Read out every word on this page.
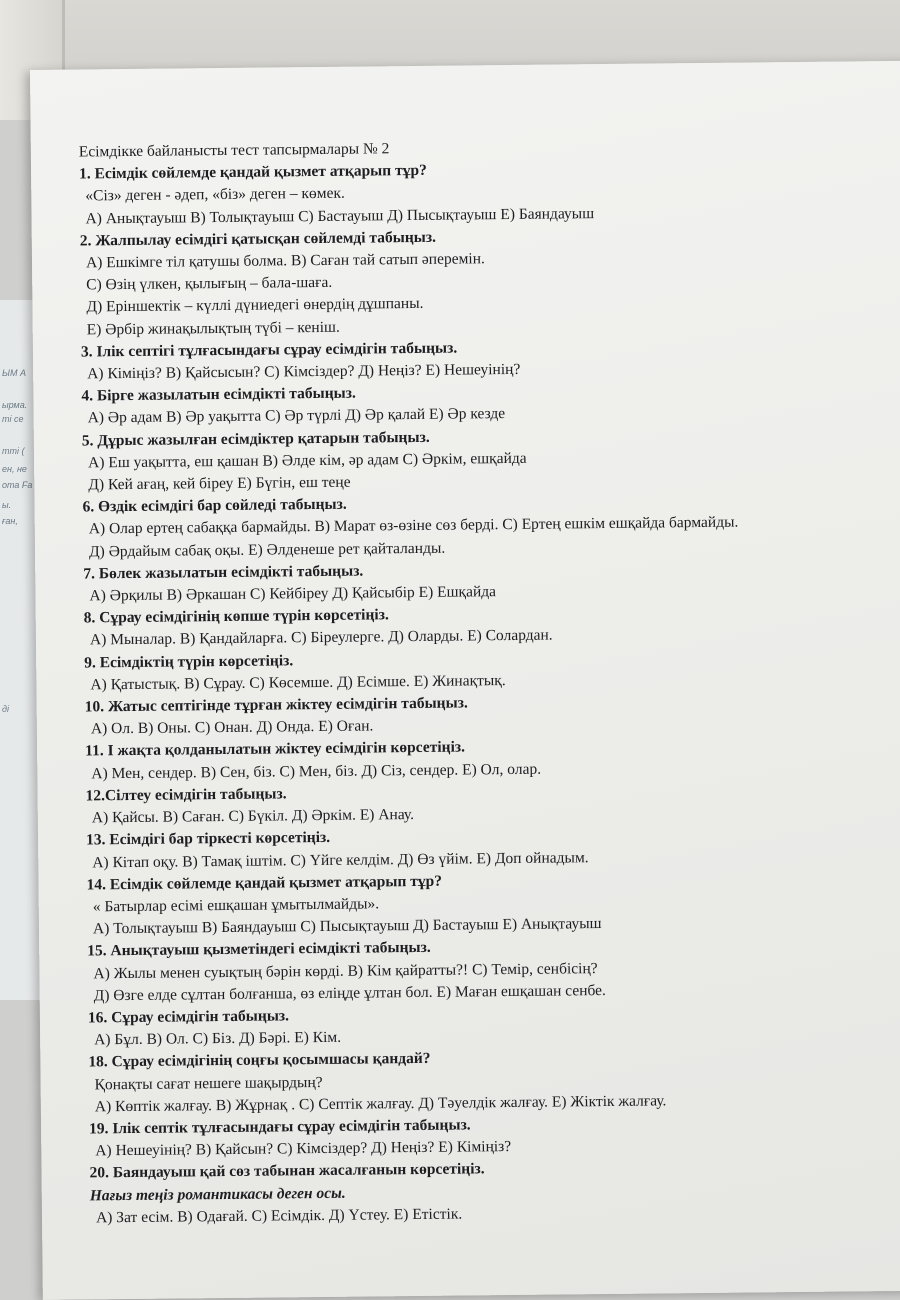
ЫМ А
ырма.
ті се
тті (
ен, не
ота Fa
ы.
ған,
ді
Есімдікке байланысты тест тапсырмалары № 2
1. Есімдік сөйлемде қандай қызмет атқарып тұр?
«Сіз» деген - әдеп, «біз» деген – көмек.
А) Анықтауыш В) Толықтауыш С) Бастауыш Д) Пысықтауыш Е) Баяндауыш
2. Жалпылау есімдігі қатысқан сөйлемді табыңыз.
А) Ешкімге тіл қатушы болма. В) Саған тай сатып әперемін.
С) Өзің үлкен, қылығың – бала-шаға.
Д) Еріншектік – күллі дүниедегі өнердің дұшпаны.
Е) Әрбір жинақылықтың түбі – кеніш.
3. Ілік септігі тұлғасындағы сұрау есімдігін табыңыз.
А) Кіміңіз? В) Қайсысын? С) Кімсіздер? Д) Неңіз? Е) Нешеуінің?
4. Бірге жазылатын есімдікті табыңыз.
А) Әр адам В) Әр уақытта С) Әр түрлі Д) Әр қалай Е) Әр кезде
5. Дұрыс жазылған есімдіктер қатарын табыңыз.
А) Еш уақытта, еш қашан В) Әлде кім, әр адам С) Әркім, ешқайда
Д) Кей ағаң, кей біреу Е) Бүгін, еш теңе
6. Өздік есімдігі бар сөйледі табыңыз.
А) Олар ертең сабаққа бармайды. В) Марат өз-өзіне сөз берді. С) Ертең ешкім ешқайда бармайды.
Д) Әрдайым сабақ оқы. Е) Әлденеше рет қайталанды.
7. Бөлек жазылатын есімдікті табыңыз.
А) Әрқилы В) Әркашан С) Кейбіреу Д) Қайсыбір Е) Ешқайда
8. Сұрау есімдігінің көпше түрін көрсетіңіз.
А) Мыналар. В) Қандайларға. С) Біреулерге. Д) Оларды. Е) Солардан.
9. Есімдіктің түрін көрсетіңіз.
А) Қатыстық. В) Сұрау. С) Көсемше. Д) Есімше. Е) Жинақтық.
10. Жатыс септігінде тұрған жіктеу есімдігін табыңыз.
А) Ол. В) Оны. С) Онан. Д) Онда. Е) Оған.
11. I жақта қолданылатын жіктеу есімдігін көрсетіңіз.
А) Мен, сендер. В) Сен, біз. С) Мен, біз. Д) Сіз, сендер. Е) Ол, олар.
12.Сілтеу есімдігін табыңыз.
А) Қайсы. В) Саған. С) Бүкіл. Д) Әркім. Е) Анау.
13. Есімдігі бар тіркесті көрсетіңіз.
А) Кітап оқу. В) Тамақ іштім. С) Үйге келдім. Д) Өз үйім. Е) Доп ойнадым.
14. Есімдік сөйлемде қандай қызмет атқарып тұр?
« Батырлар есімі ешқашан ұмытылмайды».
А) Толықтауыш В) Баяндауыш С) Пысықтауыш Д) Бастауыш Е) Анықтауыш
15. Анықтауыш қызметіндегі есімдікті табыңыз.
А) Жылы менен суықтың бәрін көрді. В) Кім қайратты?! С) Темір, сенбісің?
Д) Өзге елде сұлтан болғанша, өз еліңде ұлтан бол. Е) Маған ешқашан сенбе.
16. Сұрау есімдігін табыңыз.
А) Бұл. В) Ол. С) Біз. Д) Бәрі. Е) Кім.
18. Сұрау есімдігінің соңғы қосымшасы қандай?
Қонақты сағат нешеге шақырдың?
А) Көптік жалғау. В) Жұрнақ . С) Септік жалғау. Д) Тәуелдік жалғау. Е) Жіктік жалғау.
19. Ілік септік тұлғасындағы сұрау есімдігін табыңыз.
А) Нешеуінің? В) Қайсын? С) Кімсіздер? Д) Неңіз? Е) Кіміңіз?
20. Баяндауыш қай сөз табынан жасалғанын көрсетіңіз.
Нағыз теңіз романтикасы деген осы.
А) Зат есім. В) Одағай. С) Есімдік. Д) Үстеу. Е) Етістік.
